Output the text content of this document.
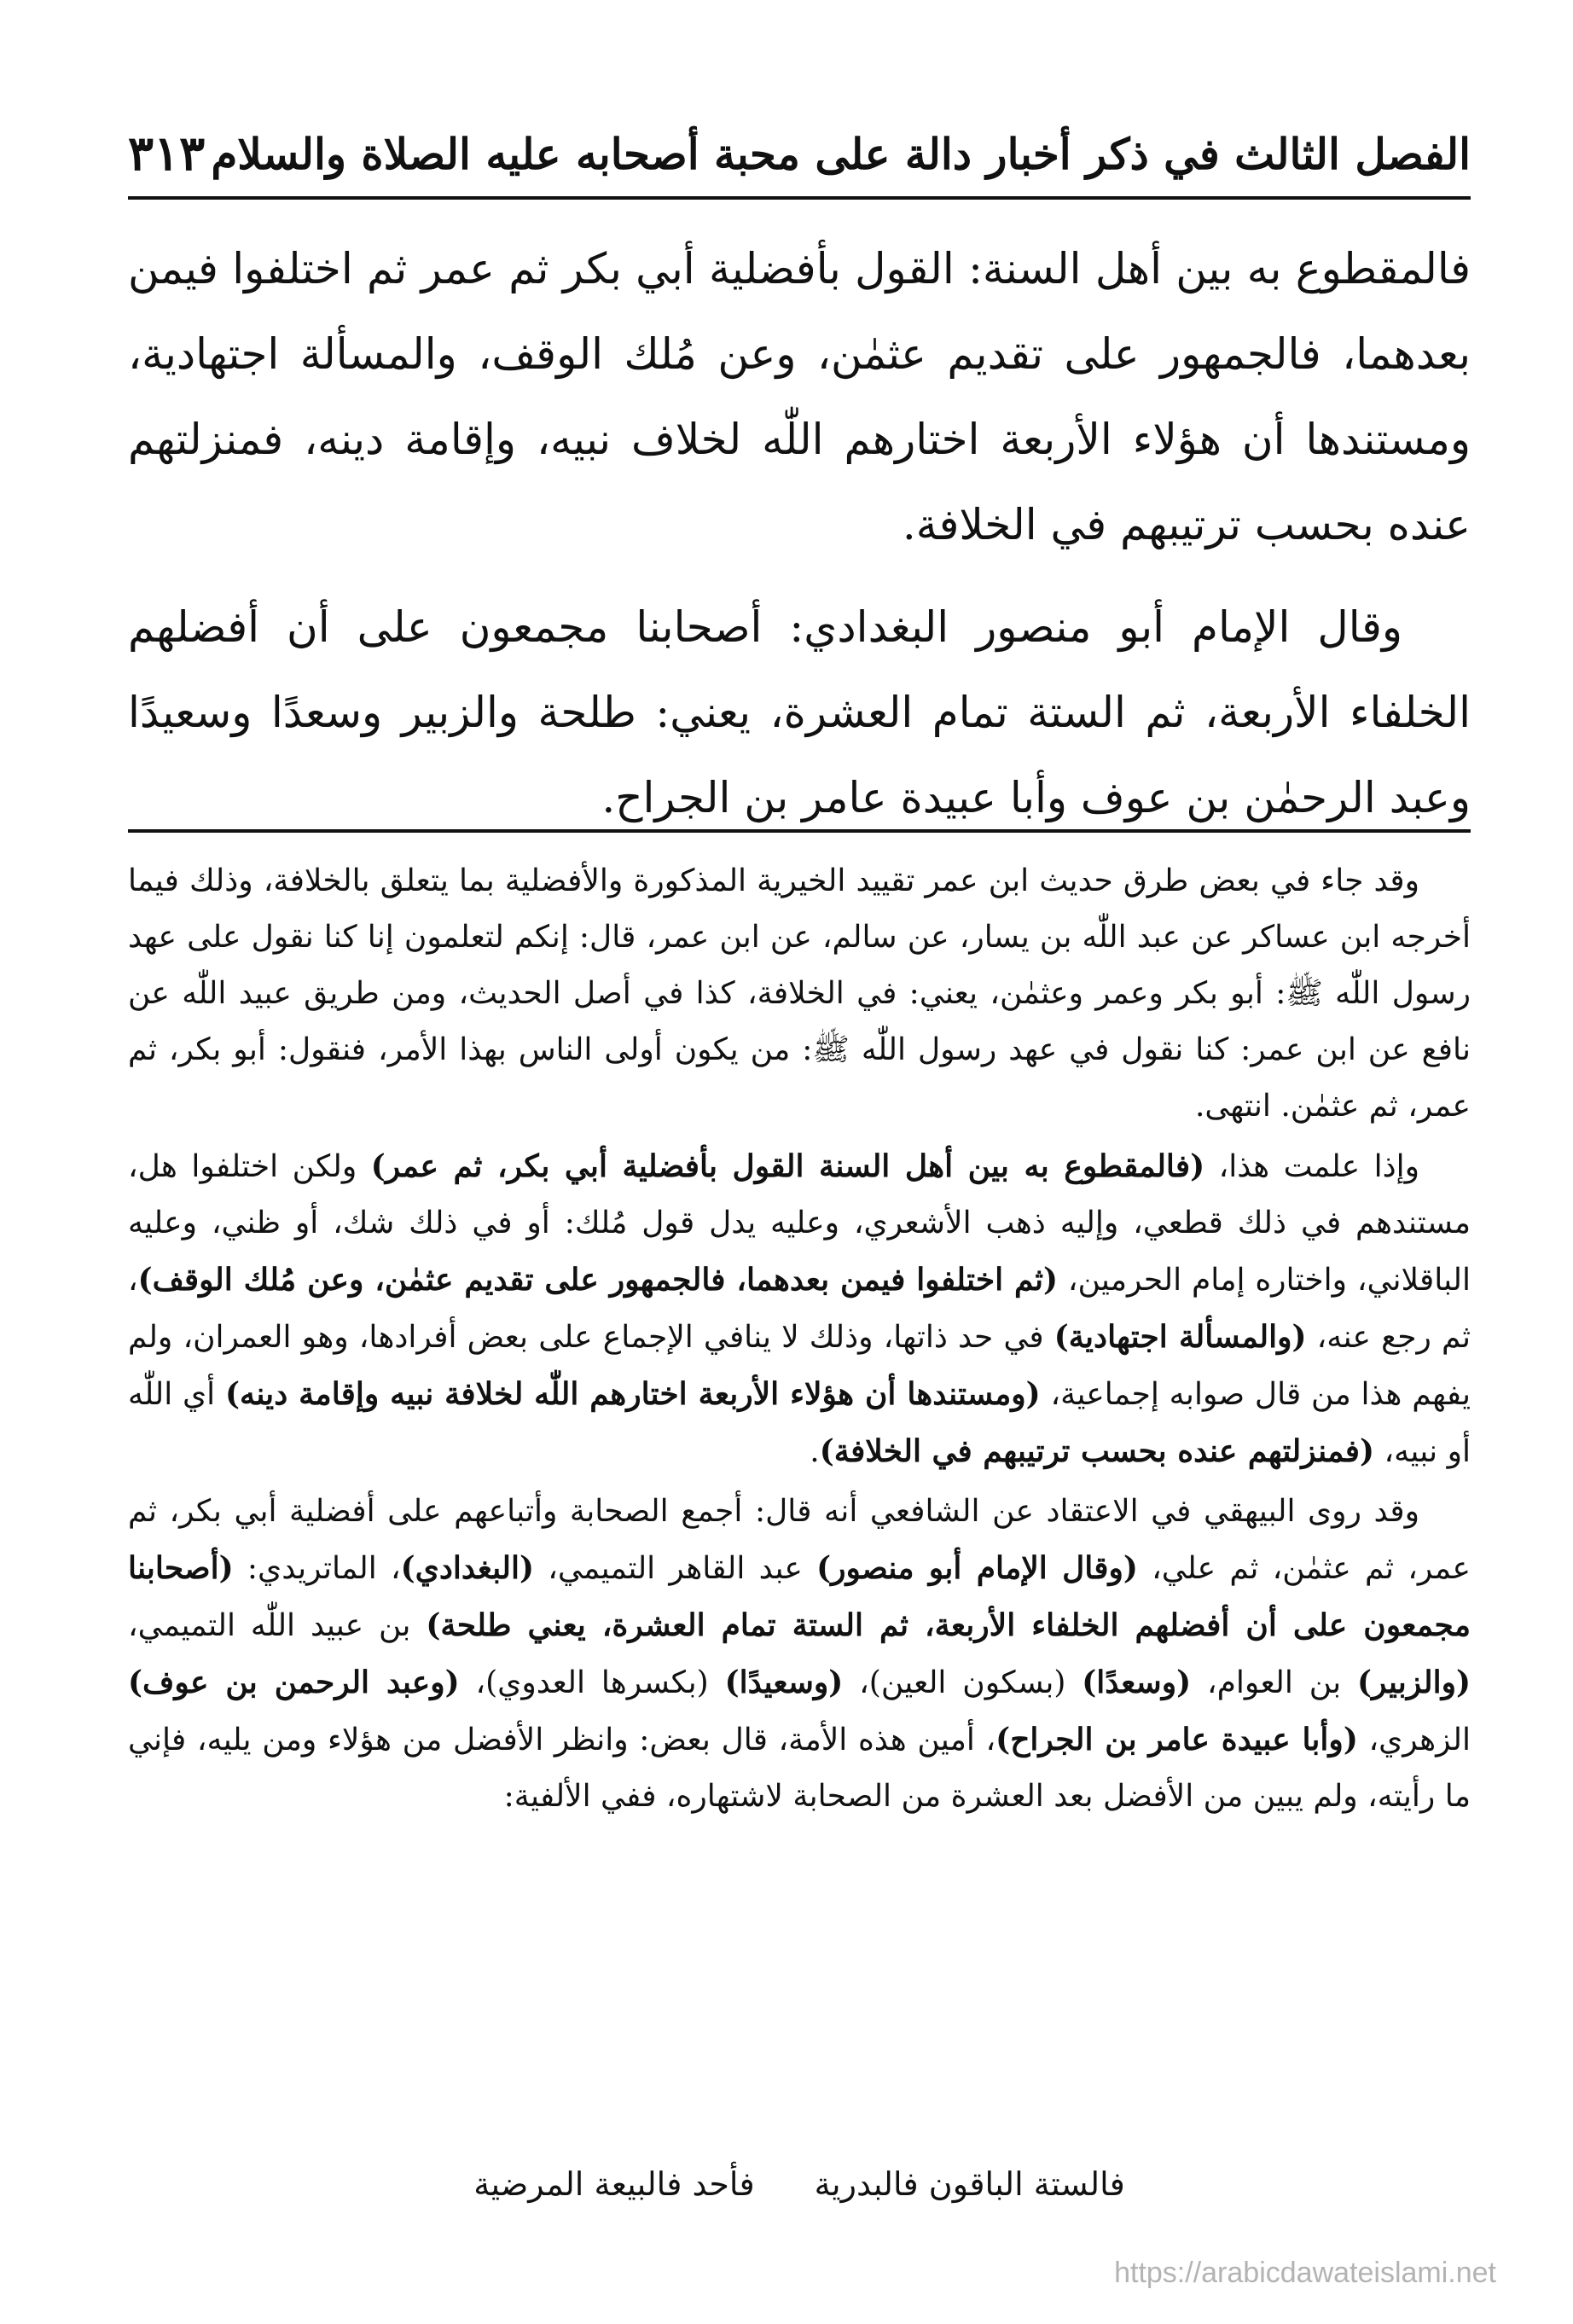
الفصل الثالث في ذكر أخبار دالة على محبة أصحابه عليه الصلاة والسلام
٣١٣

فالمقطوع به بين أهل السنة: القول بأفضلية أبي بكر ثم عمر ثم اختلفوا فيمن بعدهما، فالجمهور على تقديم عثمٰن، وعن مُلك الوقف، والمسألة اجتهادية، ومستندها أن هؤلاء الأربعة اختارهم اللّٰه لخلاف نبيه، وإقامة دينه، فمنزلتهم عنده بحسب ترتيبهم في الخلافة.

وقال الإمام أبو منصور البغدادي: أصحابنا مجمعون على أن أفضلهم الخلفاء الأربعة، ثم الستة تمام العشرة، يعني: طلحة والزبير وسعدًا وسعيدًا وعبد الرحمٰن بن عوف وأبا عبيدة عامر بن الجراح.

وقد جاء في بعض طرق حديث ابن عمر تقييد الخيرية المذكورة والأفضلية بما يتعلق بالخلافة، وذلك فيما أخرجه ابن عساكر عن عبد اللّٰه بن يسار، عن سالم، عن ابن عمر، قال: إنكم لتعلمون إنا كنا نقول على عهد رسول اللّٰه ﷺ: أبو بكر وعمر وعثمٰن، يعني: في الخلافة، كذا في أصل الحديث، ومن طريق عبيد اللّٰه عن نافع عن ابن عمر: كنا نقول في عهد رسول اللّٰه ﷺ: من يكون أولى الناس بهذا الأمر، فنقول: أبو بكر، ثم عمر، ثم عثمٰن. انتهى.

وإذا علمت هذا، (فالمقطوع به بين أهل السنة القول بأفضلية أبي بكر، ثم عمر) ولكن اختلفوا هل، مستندهم في ذلك قطعي، وإليه ذهب الأشعري، وعليه يدل قول مُلك: أو في ذلك شك، أو ظني، وعليه الباقلاني، واختاره إمام الحرمين، (ثم اختلفوا فيمن بعدهما، فالجمهور على تقديم عثمٰن، وعن مُلك الوقف)، ثم رجع عنه، (والمسألة اجتهادية) في حد ذاتها، وذلك لا ينافي الإجماع على بعض أفرادها، وهو العمران، ولم يفهم هذا من قال صوابه إجماعية، (ومستندها أن هؤلاء الأربعة اختارهم اللّٰه لخلافة نبيه وإقامة دينه) أي اللّٰه أو نبيه، (فمنزلتهم عنده بحسب ترتيبهم في الخلافة).

وقد روى البيهقي في الاعتقاد عن الشافعي أنه قال: أجمع الصحابة وأتباعهم على أفضلية أبي بكر، ثم عمر، ثم عثمٰن، ثم علي، (وقال الإمام أبو منصور) عبد القاهر التميمي، (البغدادي)، الماتريدي: (أصحابنا مجمعون على أن أفضلهم الخلفاء الأربعة، ثم الستة تمام العشرة، يعني طلحة) بن عبيد اللّٰه التميمي، (والزبير) بن العوام، (وسعدًا) (بسكون العين)، (وسعيدًا) (بكسرها العدوي)، (وعبد الرحمن بن عوف) الزهري، (وأبا عبيدة عامر بن الجراح)، أمين هذه الأمة، قال بعض: وانظر الأفضل من هؤلاء ومن يليه، فإني ما رأيته، ولم يبين من الأفضل بعد العشرة من الصحابة لاشتهاره، ففي الألفية:

فالستة الباقون فالبدرية
فأحد فالبيعة المرضية
https://arabicdawateislami.net
